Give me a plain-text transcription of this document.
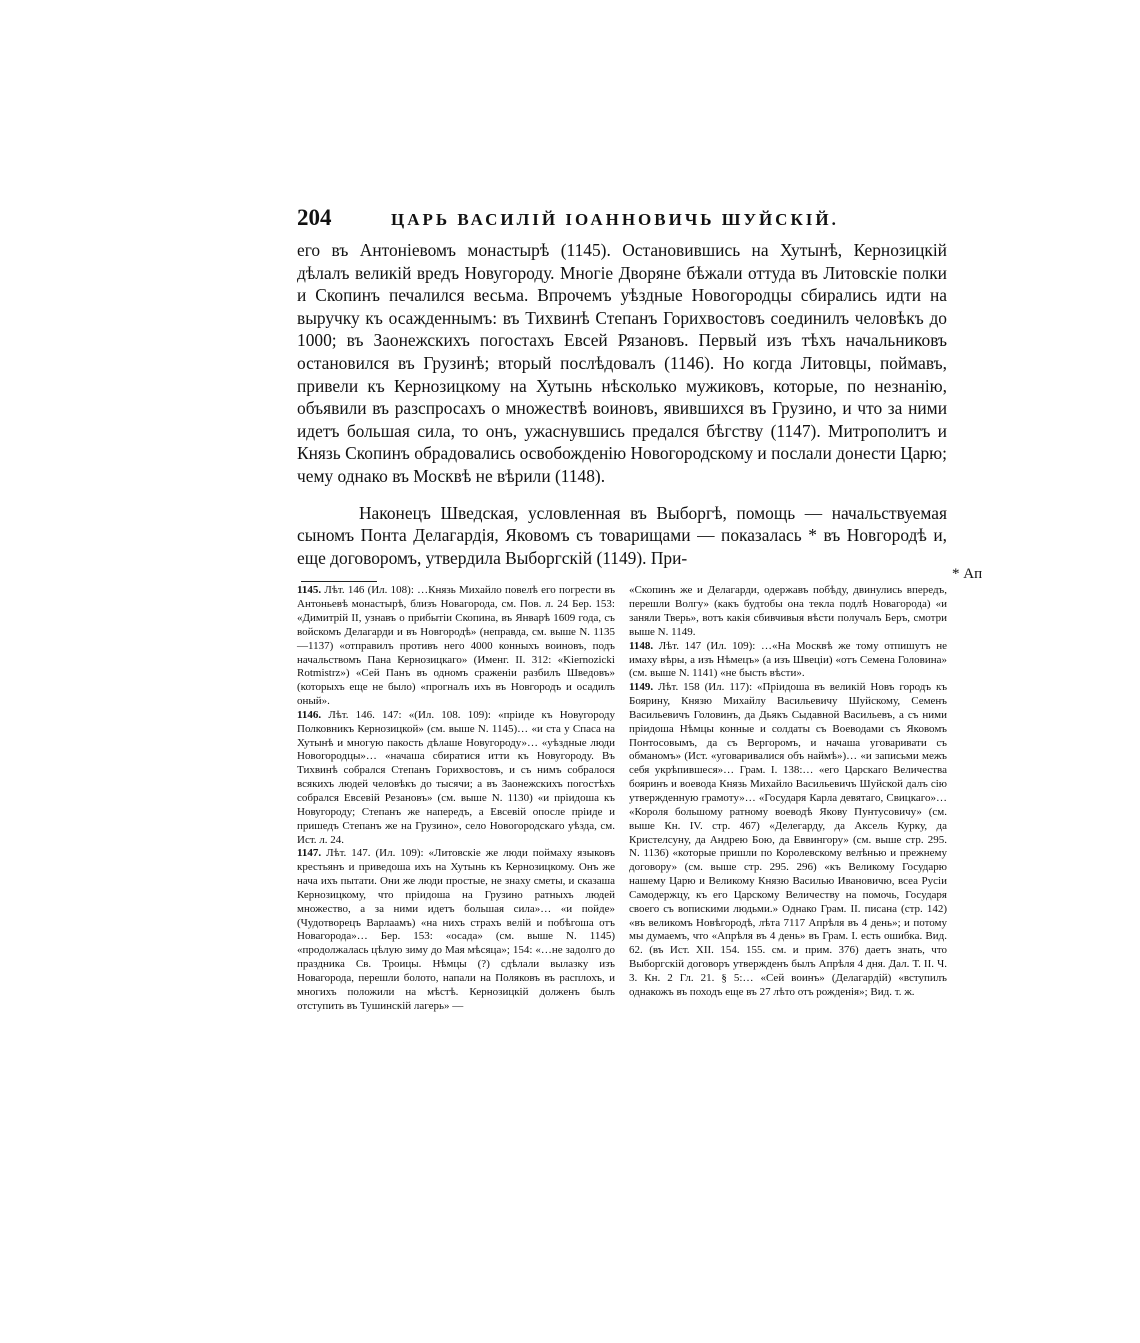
204	ЦАРЬ ВАСИЛІЙ ІОАННОВИЧЬ ШУЙСКІЙ.

его въ Антоніевомъ монастырѣ (1145). Остановившись на Хутынѣ, Кернозицкій дѣлалъ великій вредъ Новугороду. Многіе Дворяне бѣжали оттуда въ Литовскіе полки и Скопинъ печалился весьма. Впрочемъ уѣздные Новогородцы сбирались идти на выручку къ осажденнымъ: въ Тихвинѣ Степанъ Горихвостовъ соединилъ человѣкъ до 1000; въ Заонежскихъ погостахъ Евсей Рязановъ. Первый изъ тѣхъ начальниковъ остановился въ Грузинѣ; вторый послѣдовалъ (1146). Но когда Литовцы, поймавъ, привели къ Кернозицкому на Хутынь нѣсколько мужиковъ, которые, по незнанію, объявили въ разспросахъ о множествѣ воиновъ, явившихся въ Грузино, и что за ними идетъ большая сила, то онъ, ужаснувшись предался бѣгству (1147). Митрополитъ и Князь Скопинъ обрадовались освобожденію Новогородскому и послали донести Царю; чему однако въ Москвѣ не вѣрили (1148).

Наконецъ Шведская, условленная въ Выборгѣ, помощь — начальствуемая сыномъ Понта Делагардія, Яковомъ съ товарищами — показалась * въ Новгородѣ и, еще договоромъ, утвердила Выборгскій (1149). При-

1145. Лѣт. 146 (Ил. 108): …Князь Михайло повелѣ его погрести въ Антоньевѣ монастырѣ, близъ Новагорода, см. Пов. л. 24 Бер. 153: «Димитрій II, узнавъ о прибытіи Скопина, въ Январѣ 1609 года, съ войскомъ Делагарди и въ Новгородѣ» (неправда, см. выше N. 1135—1137) «отправилъ противъ него 4000 конныхъ воиновъ, подъ начальствомъ Пана Кернозицкаго» (Именг. II. 312: «Kiernozicki Rotmistrz») «Сей Панъ въ одномъ сраженіи разбилъ Шведовъ» (которыхъ еще не было) «прогналъ ихъ въ Новгородъ и осадилъ оный».

1146. Лѣт. 146. 147: «(Ил. 108. 109): «пріиде къ Новугороду Полковникъ Кернозицкой» (см. выше N. 1145)… «и ста у Спаса на Хутынѣ и многую пакость дѣлаше Новугороду»… «уѣздные люди Новогородцы»… «начаша сбиратися итти къ Новугороду. Въ Тихвинѣ собрался Степанъ Горихвостовъ, и съ нимъ собралося всякихъ людей человѣкъ до тысячи; а въ Заонежскихъ погостѣхъ собрался Евсевій Резановъ» (см. выше N. 1130) «и пріидоша къ Новугороду; Степанъ же напередъ, а Евсевій опосле пріиде и пришедъ Степанъ же на Грузино», село Новогородскаго уѣзда, см. Ист. л. 24.

1147. Лѣт. 147. (Ил. 109): «Литовскіе же люди поймаху языковъ крестьянъ и приведоша ихъ на Хутынь къ Кернозицкому. Онъ же нача ихъ пытати. Они же люди простые, не знаху сметы, и сказаша Кернозицкому, что пріидоша на Грузино ратныхъ людей множество, а за ними идетъ большая сила»… «и пойде» (Чудотворецъ Варлаамъ) «на нихъ страхъ велій и побѣгоша отъ Новагорода»… Бер. 153: «осада» (см. выше N. 1145) «продолжалась цѣлую зиму до Мая мѣсяца»; 154: «…не задолго до праздника Св. Троицы. Нѣмцы (?) сдѣлали вылазку изъ Новагорода, перешли болото, напали на Поляковъ въ расплохъ, и многихъ положили на мѣстѣ. Кернозицкій долженъ былъ отступить въ Тушинскій лагерь» —

«Скопинъ же и Делагарди, одержавъ побѣду, двинулись впередъ, перешли Волгу» (какъ будтобы она текла подлѣ Новагорода) «и заняли Тверь», вотъ какія сбивчивыя вѣсти получалъ Беръ, смотри выше N. 1149.

1148. Лѣт. 147 (Ил. 109): …«На Москвѣ же тому отпишутъ не имаху вѣры, а изъ Нѣмецъ» (а изъ Швеціи) «отъ Семена Головина» (см. выше N. 1141) «не бысть вѣсти».

1149. Лѣт. 158 (Ил. 117): «Пріидоша въ великій Новъ городъ къ Боярину, Князю Михайлу Васильевичу Шуйскому, Семенъ Васильевичъ Головинъ, да Дьякъ Сыдавной Васильевъ, а съ ними пріидоша Нѣмцы конные и солдаты съ Воеводами съ Яковомъ Понтосовымъ, да съ Вергоромъ, и начаша уговаривати съ обманомъ» (Ист. «уговаривалися объ наймѣ»)… «и записьми межъ себя укрѣпившеся»… Грам. I. 138:… «его Царскаго Величества бояринъ и воевода Князь Михайло Васильевичъ Шуйской далъ сію утвержденную грамоту»… «Государя Карла девятаго, Свицкаго»… «Короля большому ратному воеводѣ Якову Пунтусовичу» (см. выше Кн. IV. стр. 467) «Делегарду, да Аксель Курку, да Кристелсуну, да Андрею Бою, да Еввингору» (см. выше стр. 295. N. 1136) «которые пришли по Королевскому велѣнью и прежнему договору» (см. выше стр. 295. 296) «къ Великому Государю нашему Царю и Великому Князю Василью Ивановичю, всеа Русіи Самодержцу, къ его Царскому Величеству на помочь, Государя своего съ вопискими людьми.» Однако Грам. II. писана (стр. 142) «въ великомъ Новѣгородѣ, лѣта 7117 Апрѣля въ 4 день»; и потому мы думаемъ, что «Апрѣля въ 4 день» въ Грам. I. есть ошибка. Вид. 62. (въ Ист. XII. 154. 155. см. и прим. 376) даетъ знать, что Выборгскій договоръ утвержденъ былъ Апрѣля 4 дня. Дал. Т. II. Ч. 3. Кн. 2 Гл. 21. § 5:… «Сей воинъ» (Делагардій) «вступилъ однакожъ въ походъ еще въ 27 лѣто отъ рожденія»; Вид. т. ж.

* Ап
